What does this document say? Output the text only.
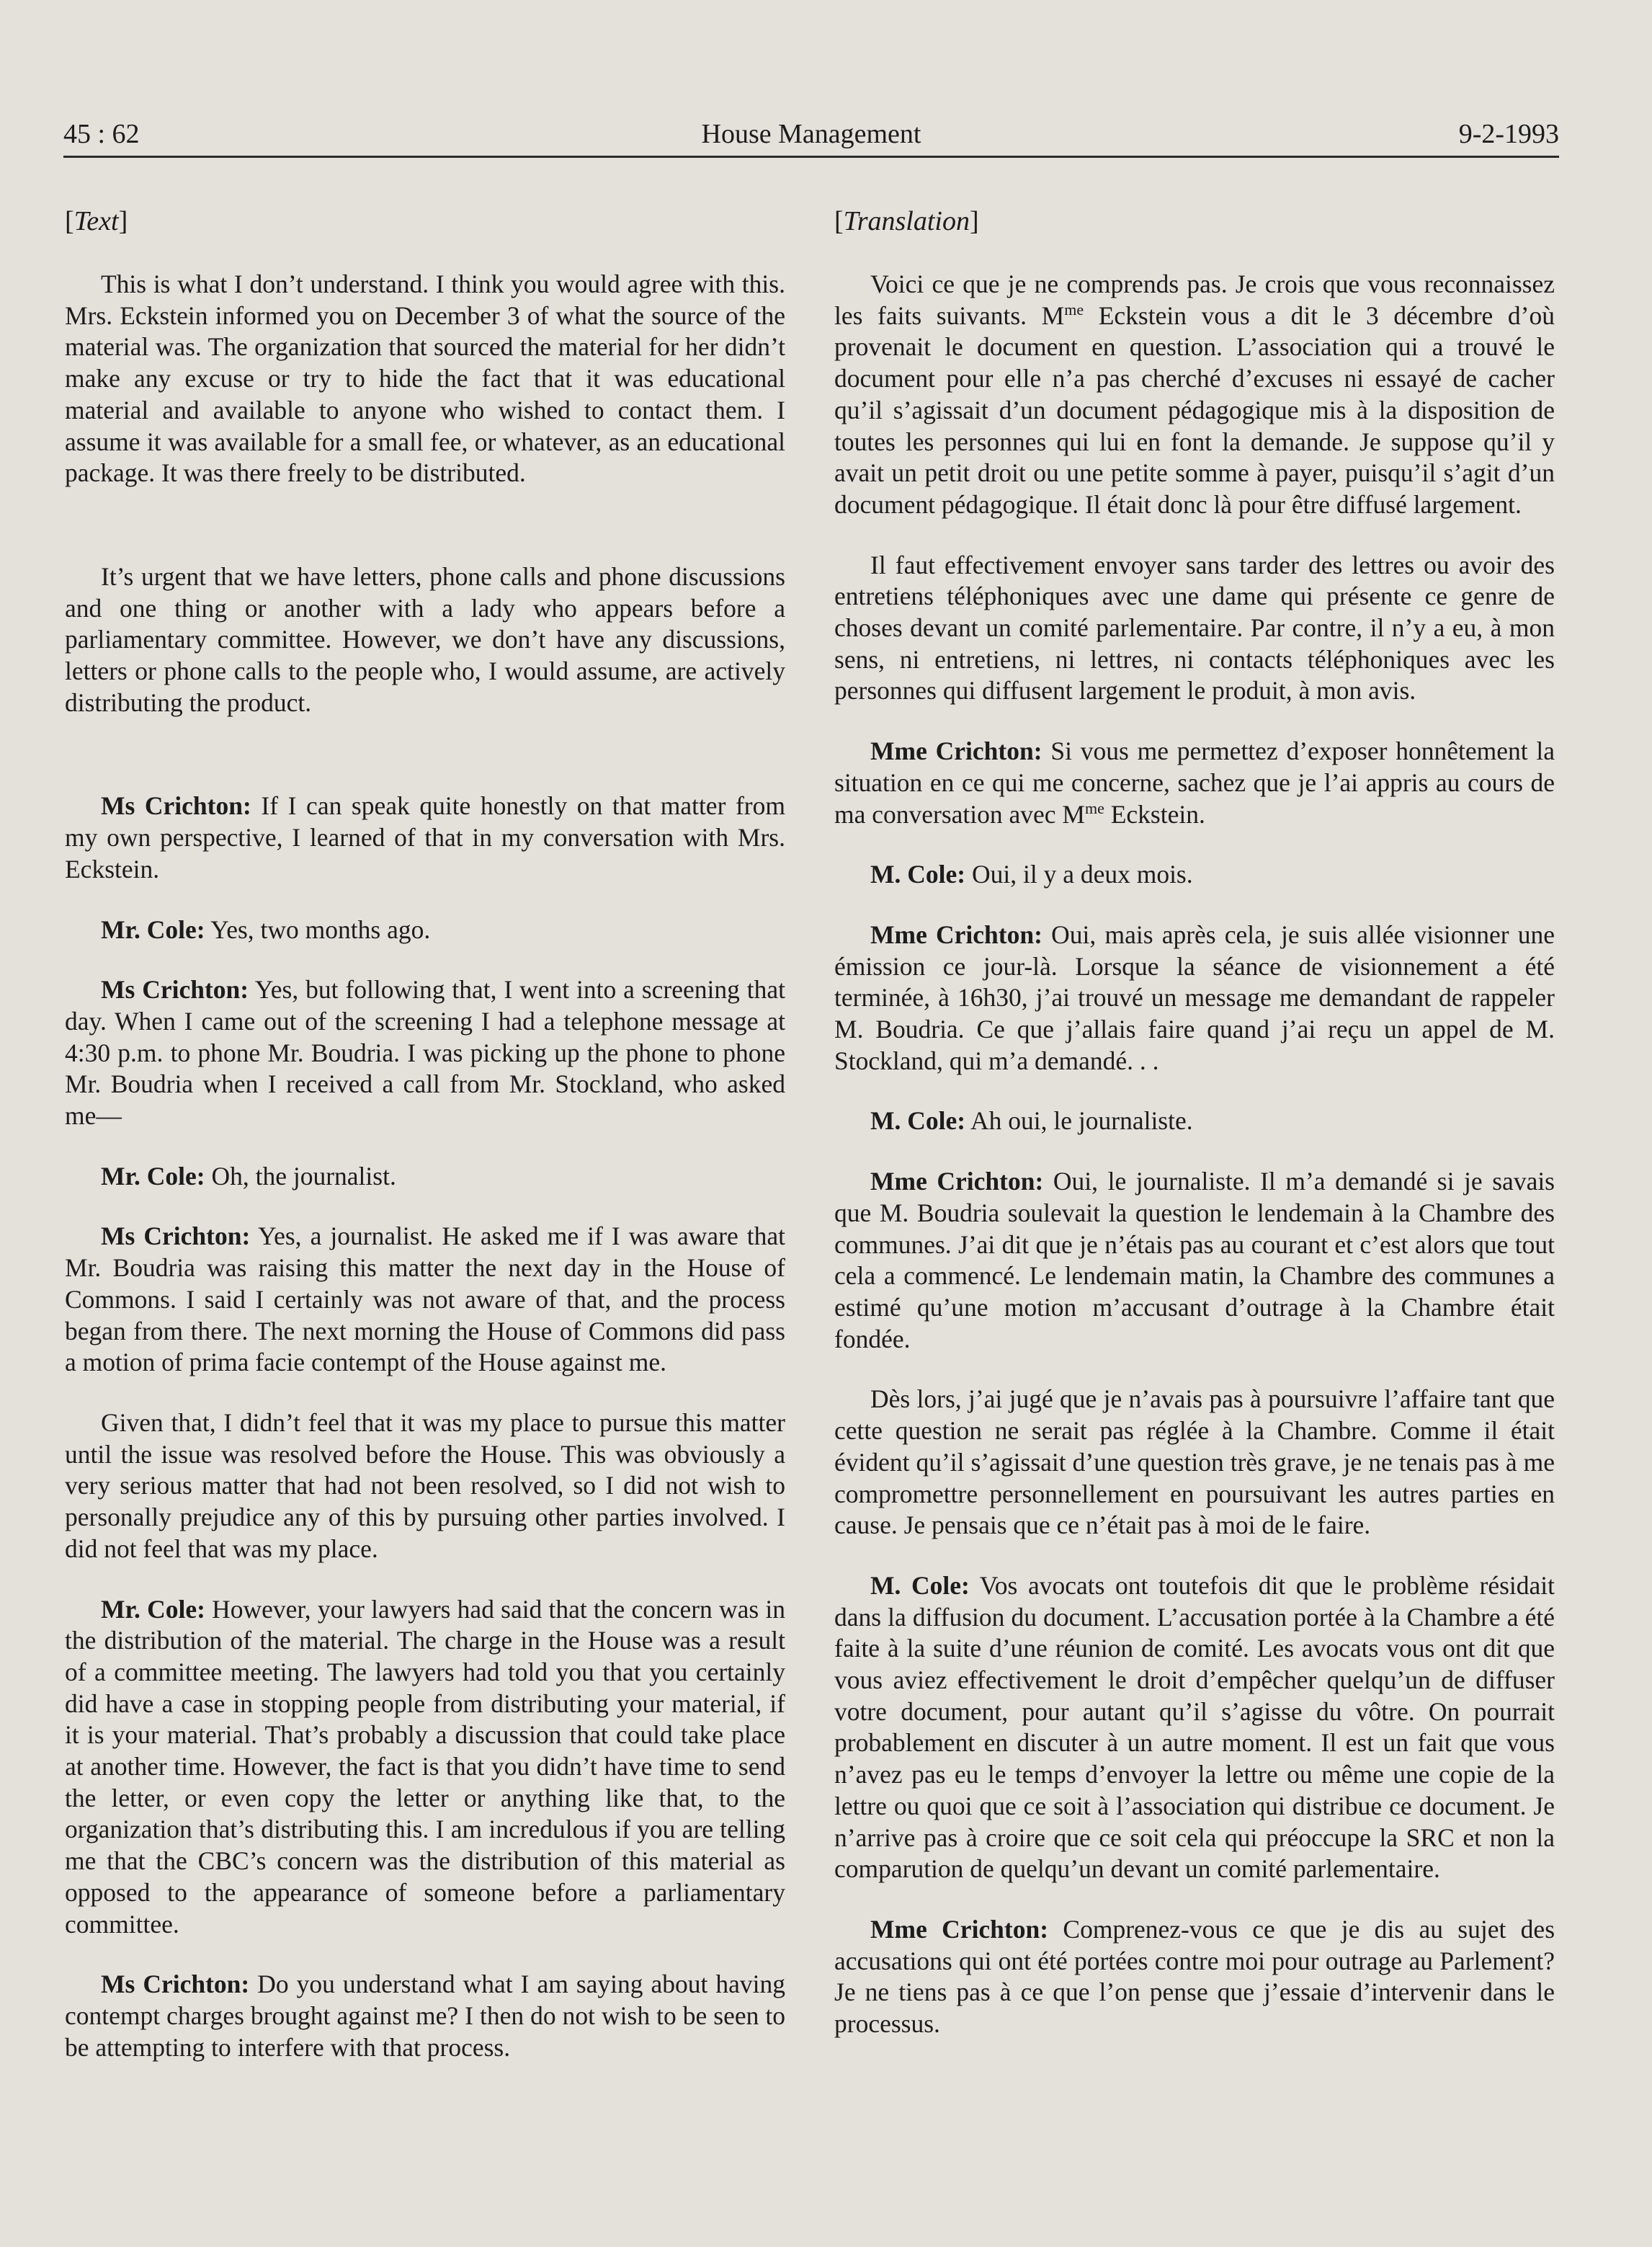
45 : 62	House Management	9-2-1993
[Text]

This is what I don’t understand. I think you would agree with this. Mrs. Eckstein informed you on December 3 of what the source of the material was. The organization that sourced the material for her didn’t make any excuse or try to hide the fact that it was educational material and available to anyone who wished to contact them. I assume it was available for a small fee, or whatever, as an educational package. It was there freely to be distributed.

It’s urgent that we have letters, phone calls and phone discussions and one thing or another with a lady who appears before a parliamentary committee. However, we don’t have any discussions, letters or phone calls to the people who, I would assume, are actively distributing the product.

Ms Crichton: If I can speak quite honestly on that matter from my own perspective, I learned of that in my conversation with Mrs. Eckstein.

Mr. Cole: Yes, two months ago.

Ms Crichton: Yes, but following that, I went into a screening that day. When I came out of the screening I had a telephone message at 4:30 p.m. to phone Mr. Boudria. I was picking up the phone to phone Mr. Boudria when I received a call from Mr. Stockland, who asked me—

Mr. Cole: Oh, the journalist.

Ms Crichton: Yes, a journalist. He asked me if I was aware that Mr. Boudria was raising this matter the next day in the House of Commons. I said I certainly was not aware of that, and the process began from there. The next morning the House of Commons did pass a motion of prima facie contempt of the House against me.

Given that, I didn’t feel that it was my place to pursue this matter until the issue was resolved before the House. This was obviously a very serious matter that had not been resolved, so I did not wish to personally prejudice any of this by pursuing other parties involved. I did not feel that was my place.

Mr. Cole: However, your lawyers had said that the concern was in the distribution of the material. The charge in the House was a result of a committee meeting. The lawyers had told you that you certainly did have a case in stopping people from distributing your material, if it is your material. That’s probably a discussion that could take place at another time. However, the fact is that you didn’t have time to send the letter, or even copy the letter or anything like that, to the organization that’s distributing this. I am incredulous if you are telling me that the CBC’s concern was the distribution of this material as opposed to the appearance of someone before a parliamentary committee.

Ms Crichton: Do you understand what I am saying about having contempt charges brought against me? I then do not wish to be seen to be attempting to interfere with that process.

[Translation]

Voici ce que je ne comprends pas. Je crois que vous reconnaissez les faits suivants. $M^{me}$ Eckstein vous a dit le 3 décembre d’où provenait le document en question. L’association qui a trouvé le document pour elle n’a pas cherché d’excuses ni essayé de cacher qu’il s’agissait d’un document pédagogique mis à la disposition de toutes les personnes qui lui en font la demande. Je suppose qu’il y avait un petit droit ou une petite somme à payer, puisqu’il s’agit d’un document pédagogique. Il était donc là pour être diffusé largement.

Il faut effectivement envoyer sans tarder des lettres ou avoir des entretiens téléphoniques avec une dame qui présente ce genre de choses devant un comité parlementaire. Par contre, il n’y a eu, à mon sens, ni entretiens, ni lettres, ni contacts téléphoniques avec les personnes qui diffusent largement le produit, à mon avis.

Mme Crichton: Si vous me permettez d’exposer honnêtement la situation en ce qui me concerne, sachez que je l’ai appris au cours de ma conversation avec $M^{me}$ Eckstein.

M. Cole: Oui, il y a deux mois.

Mme Crichton: Oui, mais après cela, je suis allée visionner une émission ce jour-là. Lorsque la séance de visionnement a été terminée, à 16h30, j’ai trouvé un message me demandant de rappeler M. Boudria. Ce que j’allais faire quand j’ai reçu un appel de M. Stockland, qui m’a demandé. . .

M. Cole: Ah oui, le journaliste.

Mme Crichton: Oui, le journaliste. Il m’a demandé si je savais que M. Boudria soulevait la question le lendemain à la Chambre des communes. J’ai dit que je n’étais pas au courant et c’est alors que tout cela a commencé. Le lendemain matin, la Chambre des communes a estimé qu’une motion m’accusant d’outrage à la Chambre était fondée.

Dès lors, j’ai jugé que je n’avais pas à poursuivre l’affaire tant que cette question ne serait pas réglée à la Chambre. Comme il était évident qu’il s’agissait d’une question très grave, je ne tenais pas à me compromettre personnellement en poursuivant les autres parties en cause. Je pensais que ce n’était pas à moi de le faire.

M. Cole: Vos avocats ont toutefois dit que le problème résidait dans la diffusion du document. L’accusation portée à la Chambre a été faite à la suite d’une réunion de comité. Les avocats vous ont dit que vous aviez effectivement le droit d’empêcher quelqu’un de diffuser votre document, pour autant qu’il s’agisse du vôtre. On pourrait probablement en discuter à un autre moment. Il est un fait que vous n’avez pas eu le temps d’envoyer la lettre ou même une copie de la lettre ou quoi que ce soit à l’association qui distribue ce document. Je n’arrive pas à croire que ce soit cela qui préoccupe la SRC et non la comparution de quelqu’un devant un comité parlementaire.

Mme Crichton: Comprenez-vous ce que je dis au sujet des accusations qui ont été portées contre moi pour outrage au Parlement? Je ne tiens pas à ce que l’on pense que j’essaie d’intervenir dans le processus.
